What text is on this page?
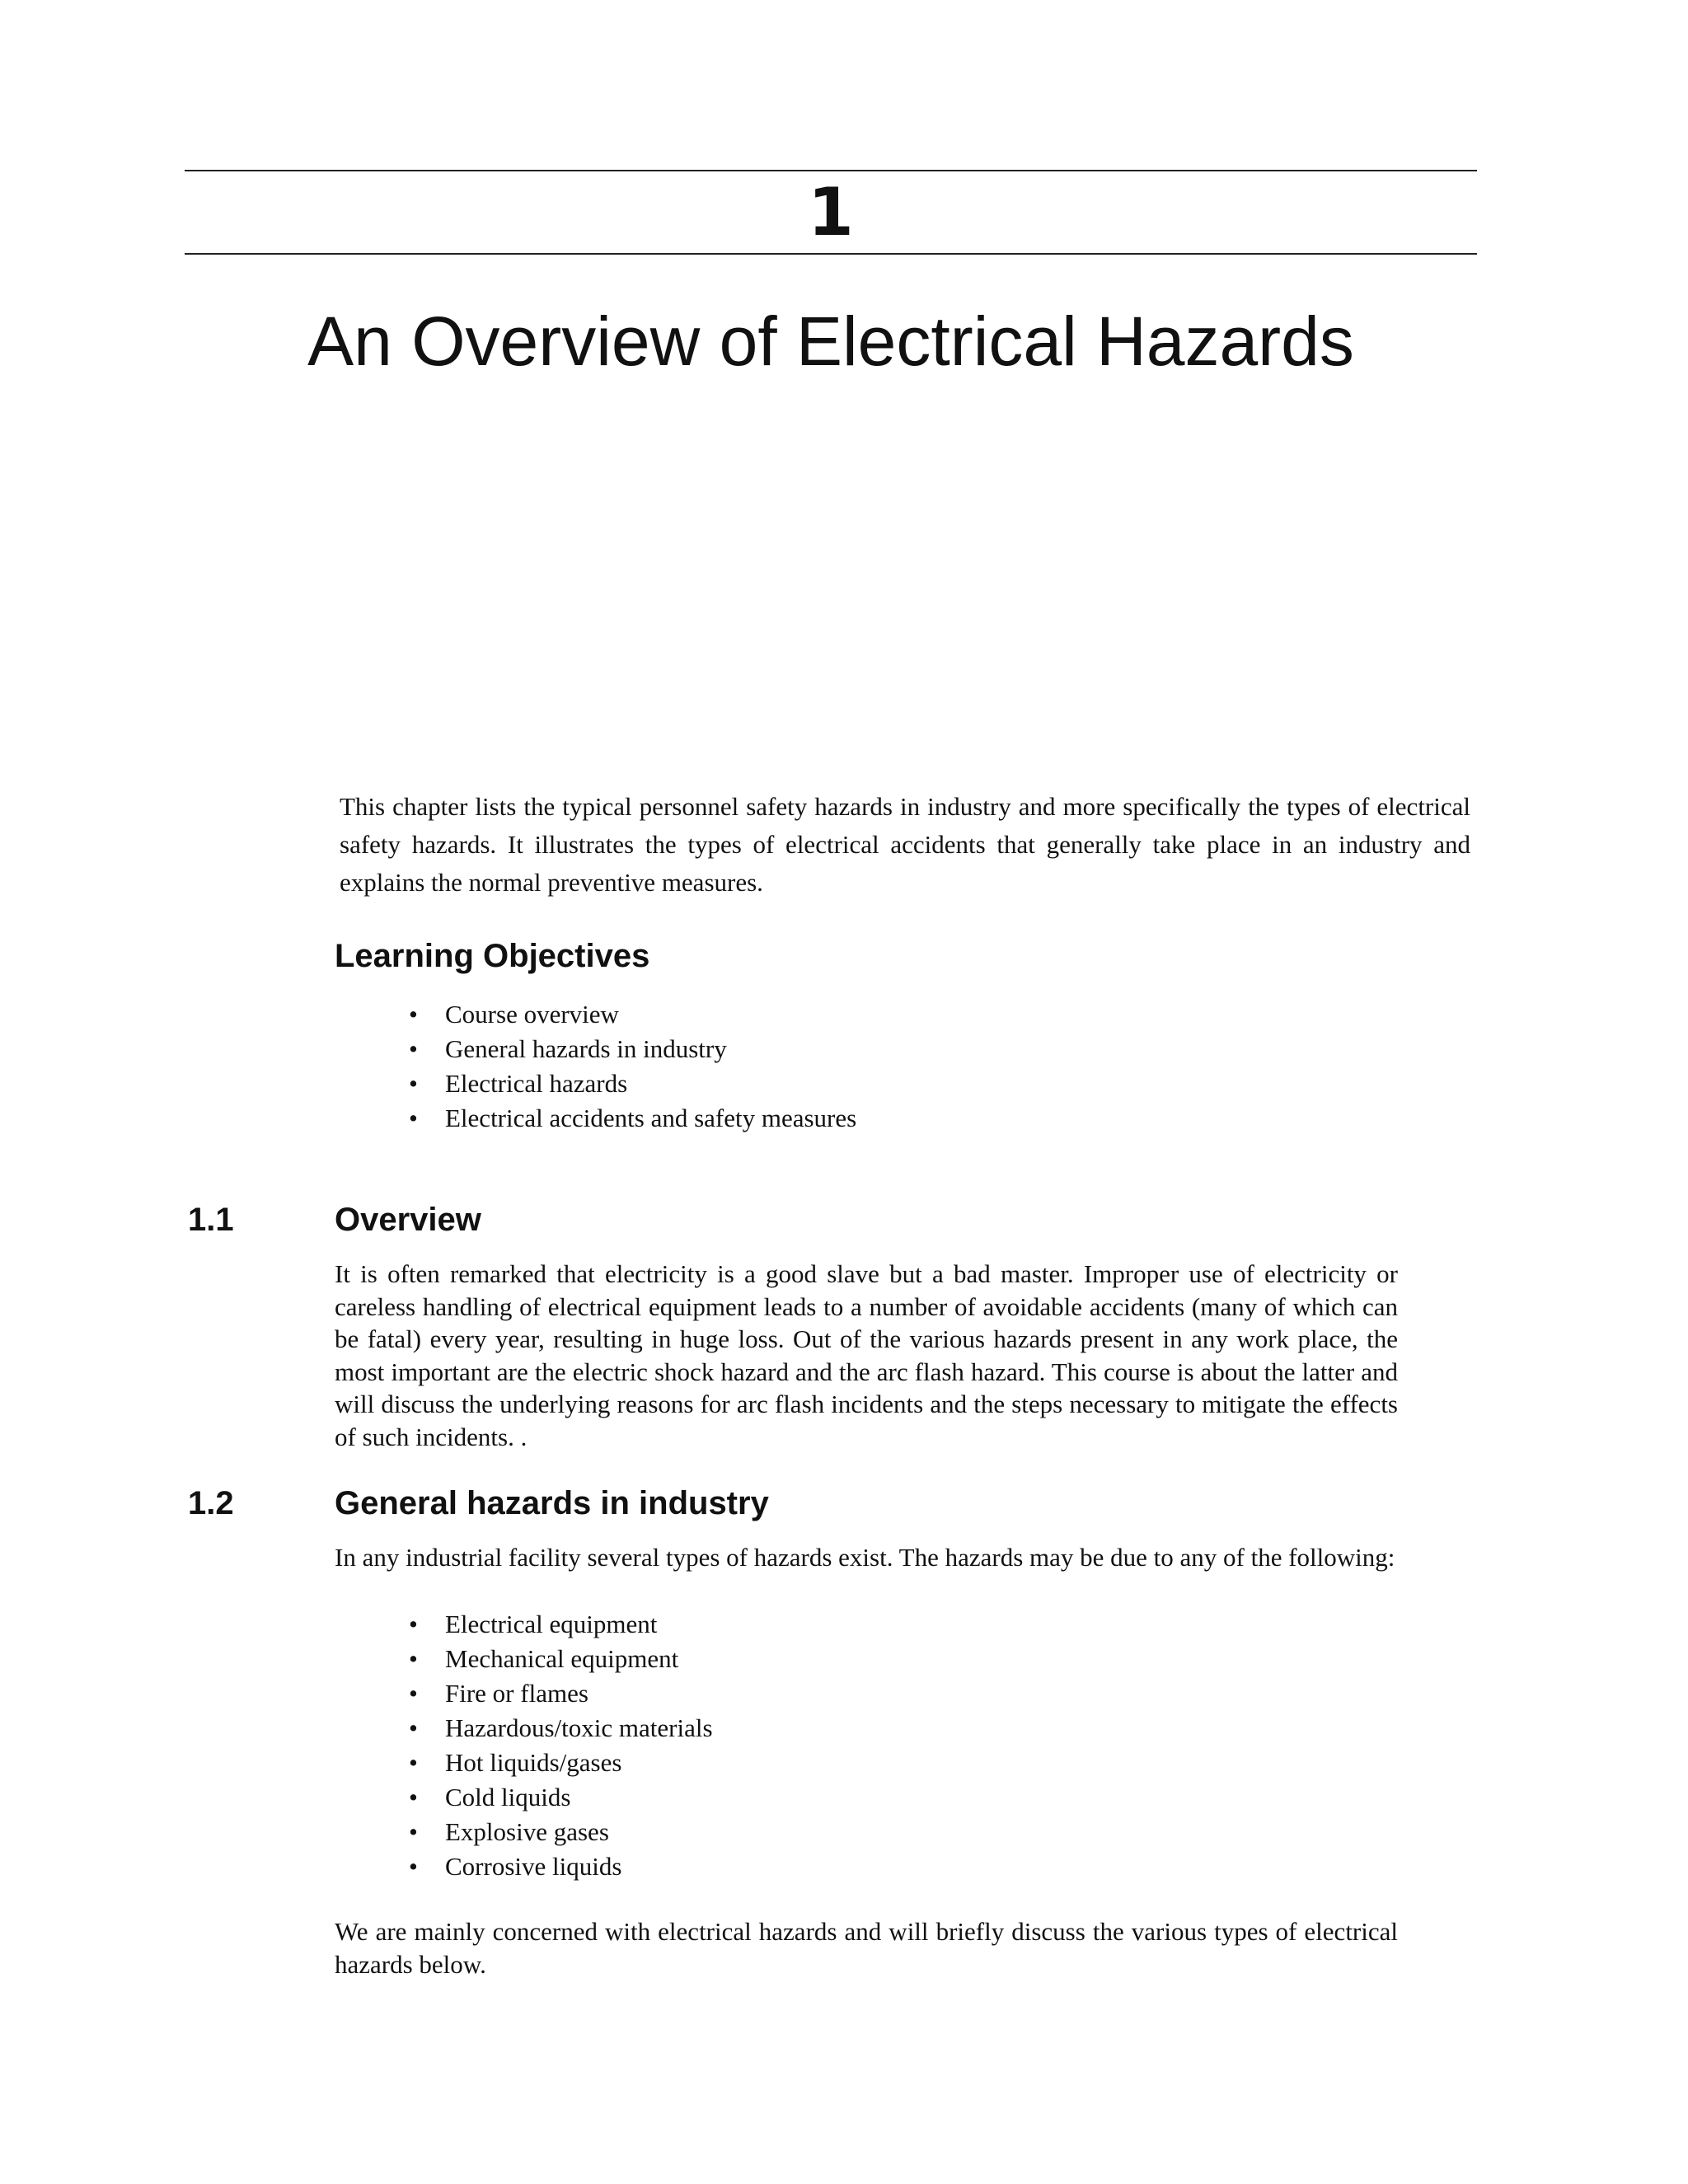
1
An Overview of Electrical Hazards

This chapter lists the typical personnel safety hazards in industry and more specifically the types of electrical safety hazards. It illustrates the types of electrical accidents that generally take place in an industry and explains the normal preventive measures.

Learning Objectives
• Course overview
• General hazards in industry
• Electrical hazards
• Electrical accidents and safety measures
1.1	Overview

It is often remarked that electricity is a good slave but a bad master. Improper use of electricity or careless handling of electrical equipment leads to a number of avoidable accidents (many of which can be fatal) every year, resulting in huge loss. Out of the various hazards present in any work place, the most important are the electric shock hazard and the arc flash hazard. This course is about the latter and will discuss the underlying reasons for arc flash incidents and the steps necessary to mitigate the effects of such incidents. .

1.2	General hazards in industry

In any industrial facility several types of hazards exist. The hazards may be due to any of the following:

• Electrical equipment
• Mechanical equipment
• Fire or flames
• Hazardous/toxic materials
• Hot liquids/gases
• Cold liquids
• Explosive gases
• Corrosive liquids

We are mainly concerned with electrical hazards and will briefly discuss the various types of electrical hazards below.
